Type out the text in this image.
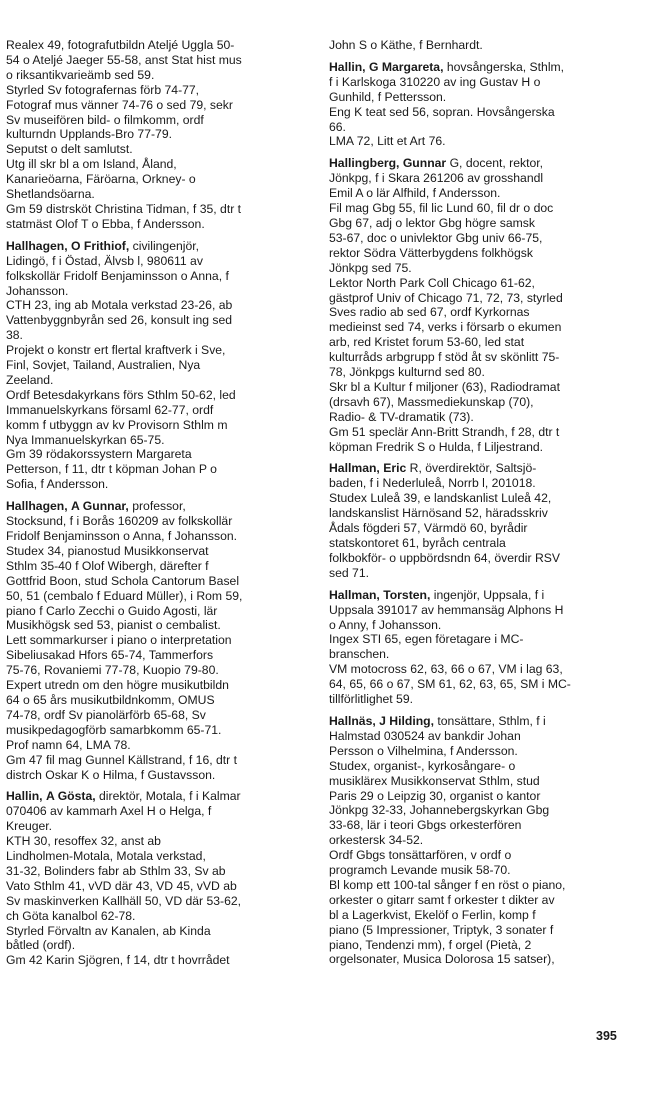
Realex 49, fotografutbildn Ateljé Uggla 50-
54 o Ateljé Jaeger 55-58, anst Stat hist mus
o riksantikvarieämb sed 59.
Styrled Sv fotografernas förb 74-77,
Fotograf mus vänner 74-76 o sed 79, sekr
Sv museifören bild- o filmkomm, ordf
kulturndn Upplands-Bro 77-79.
Seputst o delt samlutst.
Utg ill skr bl a om Island, Åland,
Kanarieöarna, Färöarna, Orkney- o
Shetlandsöarna.
Gm 59 distrsköt Christina Tidman, f 35, dtr t
statmäst Olof T o Ebba, f Andersson.
Hallhagen, O Frithiof, civilingenjör,
Lidingö, f i Östad, Älvsb l, 980611 av
folkskollär Fridolf Benjaminsson o Anna, f
Johansson.
CTH 23, ing ab Motala verkstad 23-26, ab
Vattenbyggnbyrån sed 26, konsult ing sed
38.
Projekt o konstr ert flertal kraftverk i Sve,
Finl, Sovjet, Tailand, Australien, Nya
Zeeland.
Ordf Betesdakyrkans förs Sthlm 50-62, led
Immanuelskyrkans församl 62-77, ordf
komm f utbyggn av kv Provisorn Sthlm m
Nya Immanuelskyrkan 65-75.
Gm 39 rödakorssystern Margareta
Petterson, f 11, dtr t köpman Johan P o
Sofia, f Andersson.
Hallhagen, A Gunnar, professor,
Stocksund, f i Borås 160209 av folkskollär
Fridolf Benjaminsson o Anna, f Johansson.
Studex 34, pianostud Musikkonservat
Sthlm 35-40 f Olof Wibergh, därefter f
Gottfrid Boon, stud Schola Cantorum Basel
50, 51 (cembalo f Eduard Müller), i Rom 59,
piano f Carlo Zecchi o Guido Agosti, lär
Musikhögsk sed 53, pianist o cembalist.
Lett sommarkurser i piano o interpretation
Sibeliusakad Hfors 65-74, Tammerfors
75-76, Rovaniemi 77-78, Kuopio 79-80.
Expert utredn om den högre musikutbildn
64 o 65 års musikutbildnkomm, OMUS
74-78, ordf Sv pianolärförb 65-68, Sv
musikpedagogförb samarbkomm 65-71.
Prof namn 64, LMA 78.
Gm 47 fil mag Gunnel Källstrand, f 16, dtr t
distrch Oskar K o Hilma, f Gustavsson.
Hallin, A Gösta, direktör, Motala, f i Kalmar
070406 av kammarh Axel H o Helga, f
Kreuger.
KTH 30, resoffex 32, anst ab
Lindholmen-Motala, Motala verkstad,
31-32, Bolinders fabr ab Sthlm 33, Sv ab
Vato Sthlm 41, vVD där 43, VD 45, vVD ab
Sv maskinverken Kallhäll 50, VD där 53-62,
ch Göta kanalbol 62-78.
Styrled Förvaltn av Kanalen, ab Kinda
båtled (ordf).
Gm 42 Karin Sjögren, f 14, dtr t hovrrådet
John S o Käthe, f Bernhardt.
Hallin, G Margareta, hovsångerska, Sthlm,
f i Karlskoga 310220 av ing Gustav H o
Gunhild, f Pettersson.
Eng K teat sed 56, sopran. Hovsångerska
66.
LMA 72, Litt et Art 76.
Hallingberg, Gunnar G, docent, rektor,
Jönkpg, f i Skara 261206 av grosshandl
Emil A o lär Alfhild, f Andersson.
Fil mag Gbg 55, fil lic Lund 60, fil dr o doc
Gbg 67, adj o lektor Gbg högre samsk
53-67, doc o univlektor Gbg univ 66-75,
rektor Södra Vätterbygdens folkhögsk
Jönkpg sed 75.
Lektor North Park Coll Chicago 61-62,
gästprof Univ of Chicago 71, 72, 73, styrled
Sves radio ab sed 67, ordf Kyrkornas
medieinst sed 74, verks i försarb o ekumen
arb, red Kristet forum 53-60, led stat
kulturråds arbgrupp f stöd åt sv skönlitt 75-
78, Jönkpgs kulturnd sed 80.
Skr bl a Kultur f miljoner (63), Radiodramat
(drsavh 67), Massmediekunskap (70),
Radio- & TV-dramatik (73).
Gm 51 speclär Ann-Britt Strandh, f 28, dtr t
köpman Fredrik S o Hulda, f Liljestrand.
Hallman, Eric R, överdirektör, Saltsjö-
baden, f i Nederluleå, Norrb l, 201018.
Studex Luleå 39, e landskanlist Luleå 42,
landskanslist Härnösand 52, häradsskriv
Ådals fögderi 57, Värmdö 60, byrådir
statskontoret 61, byråch centrala
folkbokför- o uppbördsndn 64, överdir RSV
sed 71.
Hallman, Torsten, ingenjör, Uppsala, f i
Uppsala 391017 av hemmansäg Alphons H
o Anny, f Johansson.
Ingex STI 65, egen företagare i MC-
branschen.
VM motocross 62, 63, 66 o 67, VM i lag 63,
64, 65, 66 o 67, SM 61, 62, 63, 65, SM i MC-
tillförlitlighet 59.
Hallnäs, J Hilding, tonsättare, Sthlm, f i
Halmstad 030524 av bankdir Johan
Persson o Vilhelmina, f Andersson.
Studex, organist-, kyrkosångare- o
musiklärex Musikkonservat Sthlm, stud
Paris 29 o Leipzig 30, organist o kantor
Jönkpg 32-33, Johannebergskyrkan Gbg
33-68, lär i teori Gbgs orkesterfören
orkestersk 34-52.
Ordf Gbgs tonsättarfören, v ordf o
programch Levande musik 58-70.
Bl komp ett 100-tal sånger f en röst o piano,
orkester o gitarr samt f orkester t dikter av
bl a Lagerkvist, Ekelöf o Ferlin, komp f
piano (5 Impressioner, Triptyk, 3 sonater f
piano, Tendenzi mm), f orgel (Pietà, 2
orgelsonater, Musica Dolorosa 15 satser),
395
